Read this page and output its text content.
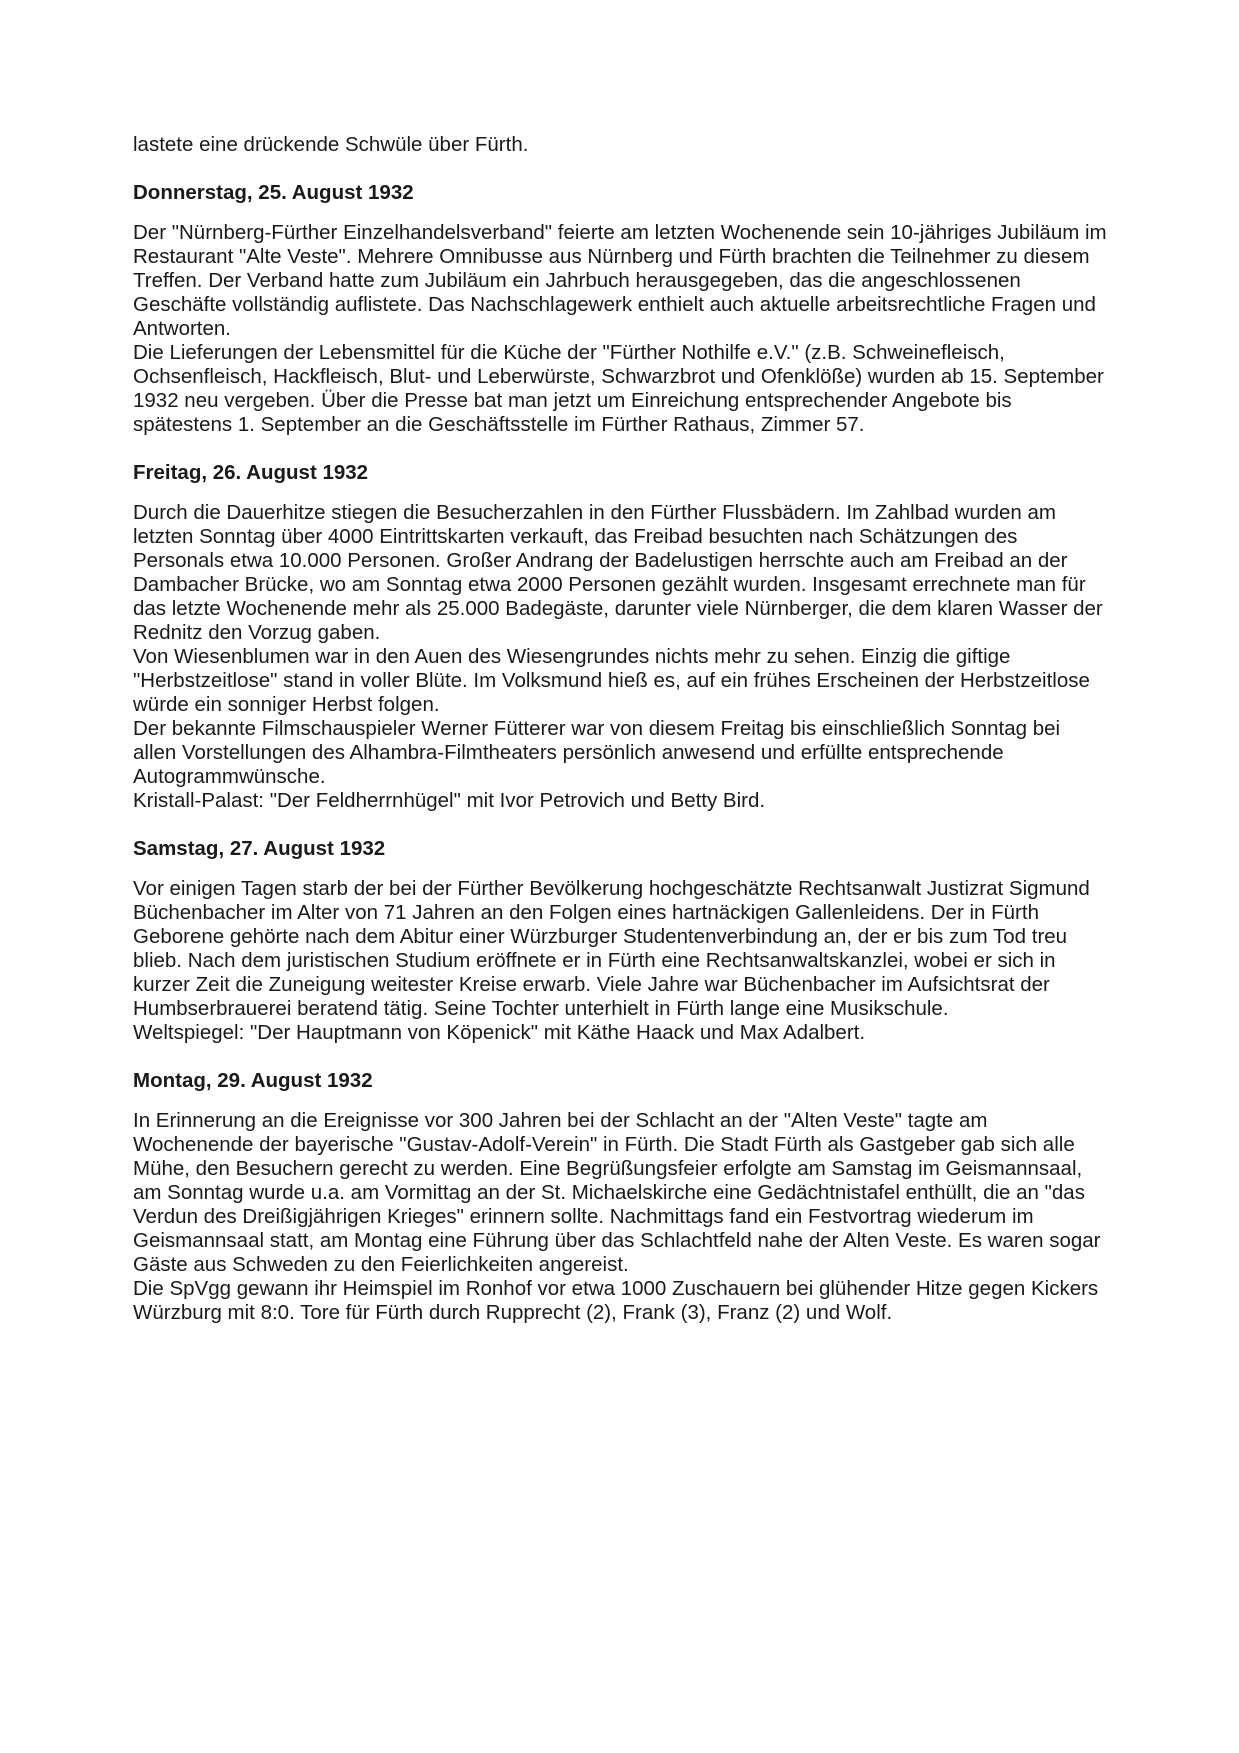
lastete eine drückende Schwüle über Fürth.

Donnerstag, 25. August 1932

Der "Nürnberg-Fürther Einzelhandelsverband" feierte am letzten Wochenende sein 10-jähriges Jubiläum im Restaurant "Alte Veste". Mehrere Omnibusse aus Nürnberg und Fürth brachten die Teilnehmer zu diesem Treffen. Der Verband hatte zum Jubiläum ein Jahrbuch herausgegeben, das die angeschlossenen Geschäfte vollständig auflistete. Das Nachschlagewerk enthielt auch aktuelle arbeitsrechtliche Fragen und Antworten.

Die Lieferungen der Lebensmittel für die Küche der "Fürther Nothilfe e.V." (z.B. Schweinefleisch, Ochsenfleisch, Hackfleisch, Blut- und Leberwürste, Schwarzbrot und Ofenklöße) wurden ab 15. September 1932 neu vergeben. Über die Presse bat man jetzt um Einreichung entsprechender Angebote bis spätestens 1. September an die Geschäftsstelle im Fürther Rathaus, Zimmer 57.

Freitag, 26. August 1932

Durch die Dauerhitze stiegen die Besucherzahlen in den Fürther Flussbädern. Im Zahlbad wurden am letzten Sonntag über 4000 Eintrittskarten verkauft, das Freibad besuchten nach Schätzungen des Personals etwa 10.000 Personen. Großer Andrang der Badelustigen herrschte auch am Freibad an der Dambacher Brücke, wo am Sonntag etwa 2000 Personen gezählt wurden. Insgesamt errechnete man für das letzte Wochenende mehr als 25.000 Badegäste, darunter viele Nürnberger, die dem klaren Wasser der Rednitz den Vorzug gaben.

Von Wiesenblumen war in den Auen des Wiesengrundes nichts mehr zu sehen. Einzig die giftige "Herbstzeitlose" stand in voller Blüte. Im Volksmund hieß es, auf ein frühes Erscheinen der Herbstzeitlose würde ein sonniger Herbst folgen.

Der bekannte Filmschauspieler Werner Fütterer war von diesem Freitag bis einschließlich Sonntag bei allen Vorstellungen des Alhambra-Filmtheaters persönlich anwesend und erfüllte entsprechende Autogrammwünsche.

Kristall-Palast: "Der Feldherrnhügel" mit Ivor Petrovich und Betty Bird.

Samstag, 27. August 1932

Vor einigen Tagen starb der bei der Fürther Bevölkerung hochgeschätzte Rechtsanwalt Justizrat Sigmund Büchenbacher im Alter von 71 Jahren an den Folgen eines hartnäckigen Gallenleidens. Der in Fürth Geborene gehörte nach dem Abitur einer Würzburger Studentenverbindung an, der er bis zum Tod treu blieb. Nach dem juristischen Studium eröffnete er in Fürth eine Rechtsanwaltskanzlei, wobei er sich in kurzer Zeit die Zuneigung weitester Kreise erwarb. Viele Jahre war Büchenbacher im Aufsichtsrat der Humbserbrauerei beratend tätig. Seine Tochter unterhielt in Fürth lange eine Musikschule.

Weltspiegel: "Der Hauptmann von Köpenick" mit Käthe Haack und Max Adalbert.

Montag, 29. August 1932

In Erinnerung an die Ereignisse vor 300 Jahren bei der Schlacht an der "Alten Veste" tagte am Wochenende der bayerische "Gustav-Adolf-Verein" in Fürth. Die Stadt Fürth als Gastgeber gab sich alle Mühe, den Besuchern gerecht zu werden. Eine Begrüßungsfeier erfolgte am Samstag im Geismannsaal, am Sonntag wurde u.a. am Vormittag an der St. Michaelskirche eine Gedächtnistafel enthüllt, die an "das Verdun des Dreißigjährigen Krieges" erinnern sollte. Nachmittags fand ein Festvortrag wiederum im Geismannsaal statt, am Montag eine Führung über das Schlachtfeld nahe der Alten Veste. Es waren sogar Gäste aus Schweden zu den Feierlichkeiten angereist.

Die SpVgg gewann ihr Heimspiel im Ronhof vor etwa 1000 Zuschauern bei glühender Hitze gegen Kickers Würzburg mit 8:0. Tore für Fürth durch Rupprecht (2), Frank (3), Franz (2) und Wolf.
